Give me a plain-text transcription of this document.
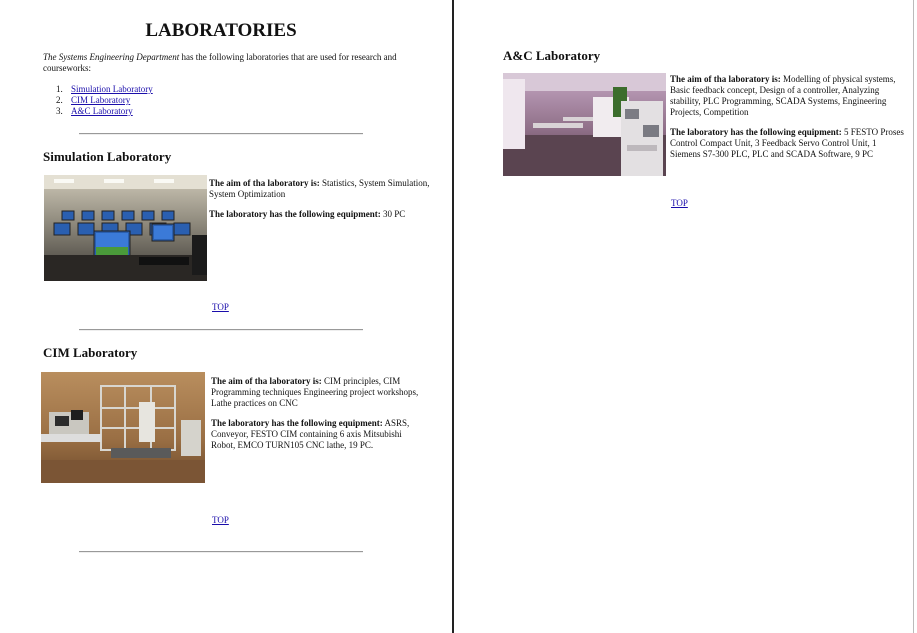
LABORATORIES

The Systems Engineering Department has the following laboratories that are used for research and courseworks:

1. Simulation Laboratory
2. CIM Laboratory
3. A&C Laboratory
Simulation Laboratory

The aim of tha laboratory is: Statistics, System Simulation, System Optimization

The laboratory has the following equipment: 30 PC

TOP
CIM Laboratory

The aim of tha laboratory is: CIM principles, CIM Programming techniques Engineering project workshops, Lathe practices on CNC

The laboratory has the following equipment: ASRS, Conveyor, FESTO CIM containing 6 axis Mitsubishi Robot, EMCO TURN105 CNC lathe, 19 PC.

TOP
A&C Laboratory

The aim of tha laboratory is: Modelling of physical systems, Basic feedback concept, Design of a controller, Analyzing stability, PLC Programming, SCADA Systems, Engineering Projects, Competition

The laboratory has the following equipment: 5 FESTO Proses Control Compact Unit, 3 Feedback Servo Control Unit, 1 Siemens S7-300 PLC, PLC and SCADA Software, 9 PC

TOP
